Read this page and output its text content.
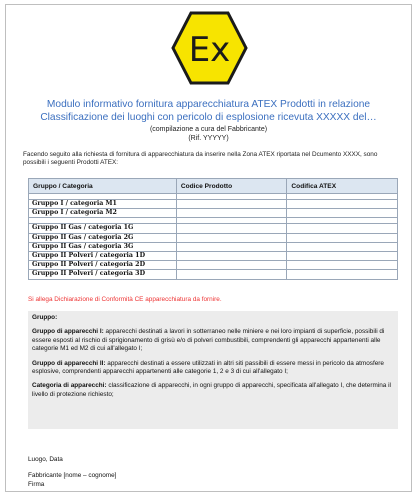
Ex
Modulo informativo fornitura apparecchiatura ATEX Prodotti in relazione
Classificazione dei luoghi con pericolo di esplosione ricevuta XXXXX del…
(compilazione a cura del Fabbricante)
(Rif. YYYYY)
Facendo seguito alla richiesta di fornitura di apparecchiatura da inserire nella Zona ATEX riportata nel Dcumento XXXX, sono possibili i seguenti Prodotti ATEX:
Gruppo / Categoria	Codice Prodotto	Codifica ATEX

Gruppo I / categoria M1		
Gruppo I / categoria M2		

Gruppo II Gas / categoria 1G		
Gruppo II Gas / categoria 2G		
Gruppo II Gas / categoria 3G		
Gruppo II Polveri / categoria 1D		
Gruppo II Polveri / categoria 2D		
Gruppo II Polveri / categoria 3D		
Si allega Dichiarazione di Conformità CE apparecchiatura da fornire.

Gruppo:

Gruppo di apparecchi I: apparecchi destinati a lavori in sotterraneo nelle miniere e nei loro impianti di superficie, possibili di essere esposti al rischio di sprigionamento di grisù e/o di polveri combustibili, comprendenti gli apparecchi appartenenti alle categorie M1 ed M2 di cui all'allegato I;

Gruppo di apparecchi II: apparecchi destinati a essere utilizzati in altri siti passibili di essere messi in pericolo da atmosfere esplosive, comprendenti apparecchi appartenenti alle categorie 1, 2 e 3 di cui all'allegato I;

Categoria di apparecchi: classificazione di apparecchi, in ogni gruppo di apparecchi, specificata all'allegato I, che determina il livello di protezione richiesto;

Luogo, Data
Fabbricante [nome – cognome]
Firma
